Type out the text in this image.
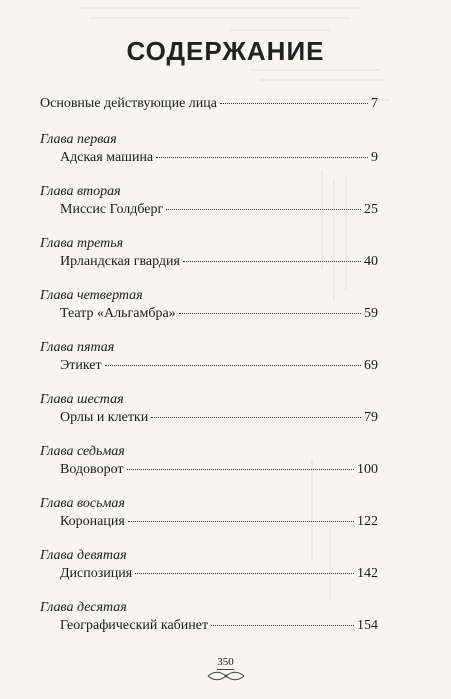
СОДЕРЖАНИЕ
Основные действующие лица	7
Глава первая
Адская машина	9
Глава вторая
Миссис Голдберг	25
Глава третья
Ирландская гвардия	40
Глава четвертая
Театр «Альгамбра»	59
Глава пятая
Этикет	69
Глава шестая
Орлы и клетки	79
Глава седьмая
Водоворот	100
Глава восьмая
Коронация	122
Глава девятая
Диспозиция	142
Глава десятая
Географический кабинет	154
350
